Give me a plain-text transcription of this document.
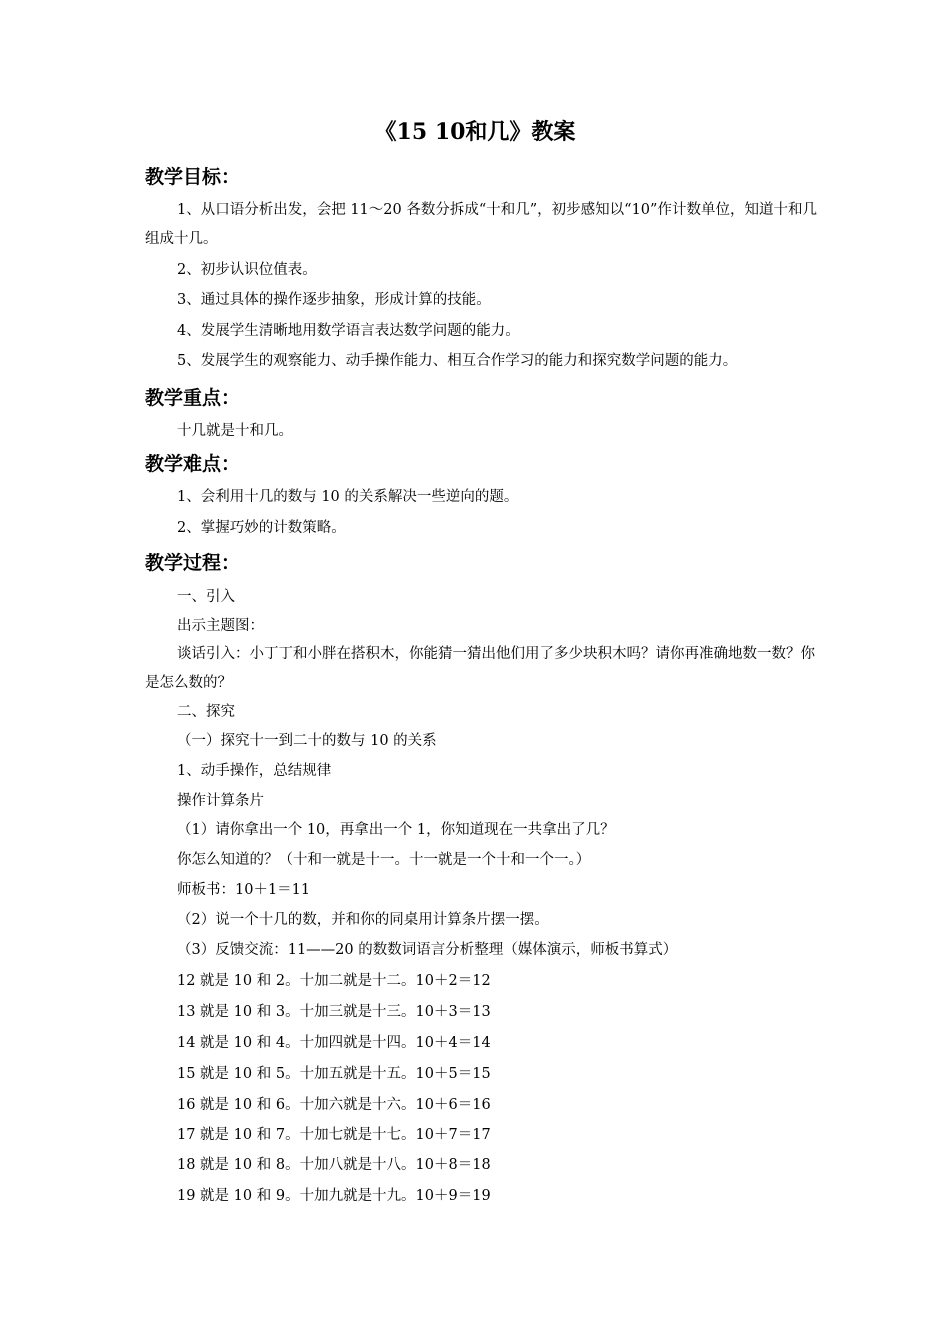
《15 10和几》教案
教学目标：
1、从口语分析出发，会把 11～20 各数分拆成“十和几”，初步感知以“10”作计数单位，知道十和几组成十几。
2、初步认识位值表。
3、通过具体的操作逐步抽象，形成计算的技能。
4、发展学生清晰地用数学语言表达数学问题的能力。
5、发展学生的观察能力、动手操作能力、相互合作学习的能力和探究数学问题的能力。
教学重点：
十几就是十和几。
教学难点：
1、会利用十几的数与 10 的关系解决一些逆向的题。
2、掌握巧妙的计数策略。
教学过程：
一、引入
出示主题图：
谈话引入：小丁丁和小胖在搭积木，你能猜一猜出他们用了多少块积木吗？请你再准确地数一数？你是怎么数的？
二、探究
（一）探究十一到二十的数与 10 的关系
1、动手操作，总结规律
操作计算条片
（1）请你拿出一个 10，再拿出一个 1，你知道现在一共拿出了几？
你怎么知道的？（十和一就是十一。十一就是一个十和一个一。）
师板书：10＋1＝11
（2）说一个十几的数，并和你的同桌用计算条片摆一摆。
（3）反馈交流：11——20 的数数词语言分析整理（媒体演示，师板书算式）
12 就是 10 和 2。十加二就是十二。10＋2＝12
13 就是 10 和 3。十加三就是十三。10＋3＝13
14 就是 10 和 4。十加四就是十四。10＋4＝14
15 就是 10 和 5。十加五就是十五。10＋5＝15
16 就是 10 和 6。十加六就是十六。10＋6＝16
17 就是 10 和 7。十加七就是十七。10＋7＝17
18 就是 10 和 8。十加八就是十八。10＋8＝18
19 就是 10 和 9。十加九就是十九。10＋9＝19
